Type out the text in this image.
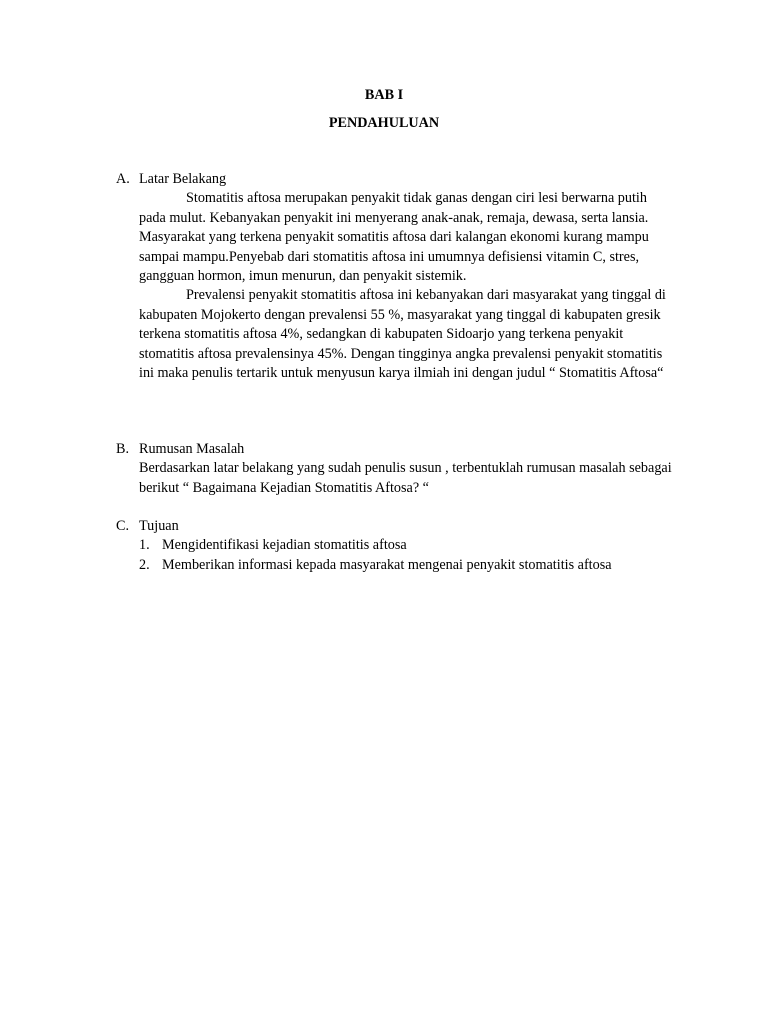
BAB I
PENDAHULUAN
A. Latar Belakang

Stomatitis aftosa merupakan penyakit tidak ganas dengan ciri lesi berwarna putih pada mulut. Kebanyakan penyakit ini menyerang anak-anak, remaja, dewasa, serta lansia. Masyarakat yang terkena penyakit somatitis aftosa dari kalangan ekonomi kurang mampu sampai mampu.Penyebab dari stomatitis aftosa ini umumnya defisiensi vitamin C, stres, gangguan hormon, imun menurun, dan penyakit sistemik.

Prevalensi penyakit stomatitis aftosa ini kebanyakan dari masyarakat yang tinggal di kabupaten Mojokerto dengan prevalensi 55 %, masyarakat yang tinggal di kabupaten gresik terkena stomatitis aftosa 4%, sedangkan di kabupaten Sidoarjo yang terkena penyakit stomatitis aftosa prevalensinya 45%. Dengan tingginya angka prevalensi penyakit stomatitis ini maka penulis tertarik untuk menyusun karya ilmiah ini dengan judul “ Stomatitis Aftosa“

B. Rumusan Masalah

Berdasarkan latar belakang yang sudah penulis susun , terbentuklah rumusan masalah sebagai berikut “ Bagaimana Kejadian Stomatitis Aftosa? “

C. Tujuan
1. Mengidentifikasi kejadian stomatitis aftosa
2. Memberikan informasi kepada masyarakat mengenai penyakit stomatitis aftosa
